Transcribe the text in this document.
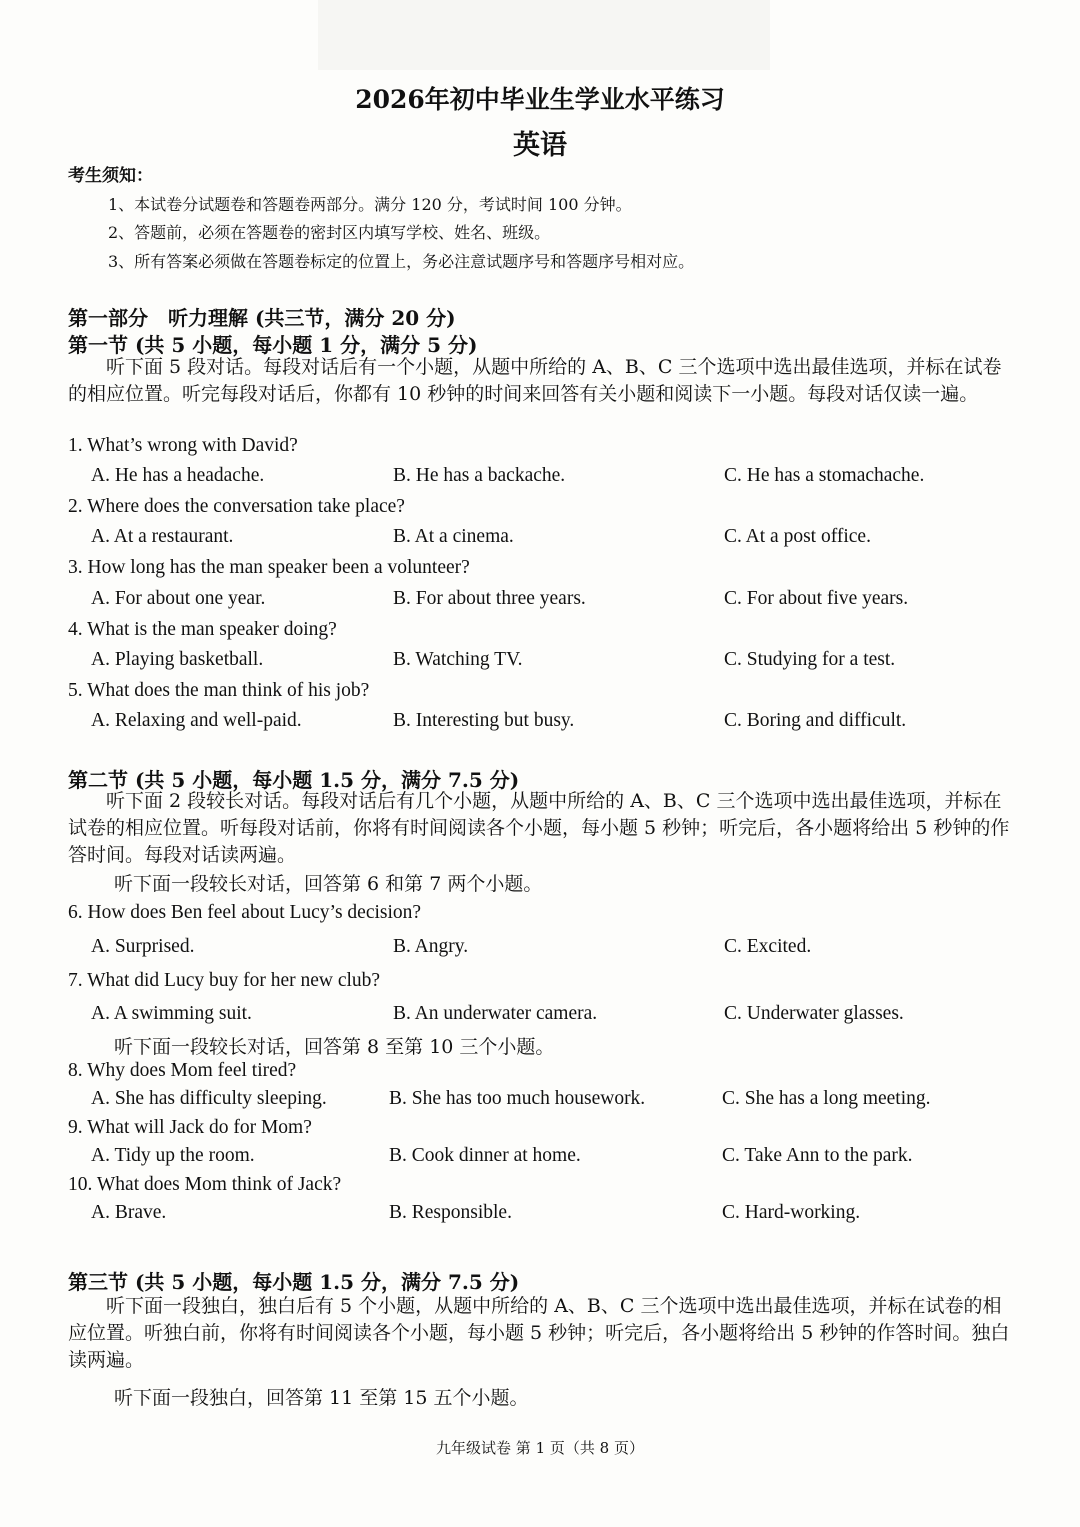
2026年初中毕业生学业水平练习
英语
考生须知：
1、本试卷分试题卷和答题卷两部分。满分 120 分，考试时间 100 分钟。
2、答题前，必须在答题卷的密封区内填写学校、姓名、班级。
3、所有答案必须做在答题卷标定的位置上，务必注意试题序号和答题序号相对应。
第一部分　听力理解 (共三节，满分 20 分)
第一节 (共 5 小题，每小题 1 分，满分 5 分)
听下面 5 段对话。每段对话后有一个小题，从题中所给的 A、B、C 三个选项中选出最佳选项，并标在试卷的相应位置。听完每段对话后，你都有 10 秒钟的时间来回答有关小题和阅读下一小题。每段对话仅读一遍。
1. What’s wrong with David?
A. He has a headache.	B. He has a backache.	C. He has a stomachache.
2. Where does the conversation take place?
A. At a restaurant.	B. At a cinema.	C. At a post office.
3. How long has the man speaker been a volunteer?
A. For about one year.	B. For about three years.	C. For about five years.
4. What is the man speaker doing?
A. Playing basketball.	B. Watching TV.	C. Studying for a test.
5. What does the man think of his job?
A. Relaxing and well-paid.	B. Interesting but busy.	C. Boring and difficult.
第二节 (共 5 小题，每小题 1.5 分，满分 7.5 分)
听下面 2 段较长对话。每段对话后有几个小题，从题中所给的 A、B、C 三个选项中选出最佳选项，并标在试卷的相应位置。听每段对话前，你将有时间阅读各个小题，每小题 5 秒钟；听完后，各小题将给出 5 秒钟的作答时间。每段对话读两遍。
听下面一段较长对话，回答第 6 和第 7 两个小题。
6. How does Ben feel about Lucy’s decision?
A. Surprised.	B. Angry.	C. Excited.
7. What did Lucy buy for her new club?
A. A swimming suit.	B. An underwater camera.	C. Underwater glasses.
听下面一段较长对话，回答第 8 至第 10 三个小题。
8. Why does Mom feel tired?
A. She has difficulty sleeping.	B. She has too much housework.	C. She has a long meeting.
9. What will Jack do for Mom?
A. Tidy up the room.	B. Cook dinner at home.	C. Take Ann to the park.
10. What does Mom think of Jack?
A. Brave.	B. Responsible.	C. Hard-working.
第三节 (共 5 小题，每小题 1.5 分，满分 7.5 分)
听下面一段独白，独白后有 5 个小题，从题中所给的 A、B、C 三个选项中选出最佳选项，并标在试卷的相应位置。听独白前，你将有时间阅读各个小题，每小题 5 秒钟；听完后，各小题将给出 5 秒钟的作答时间。独白读两遍。
听下面一段独白，回答第 11 至第 15 五个小题。
九年级试卷 第 1 页（共 8 页）
